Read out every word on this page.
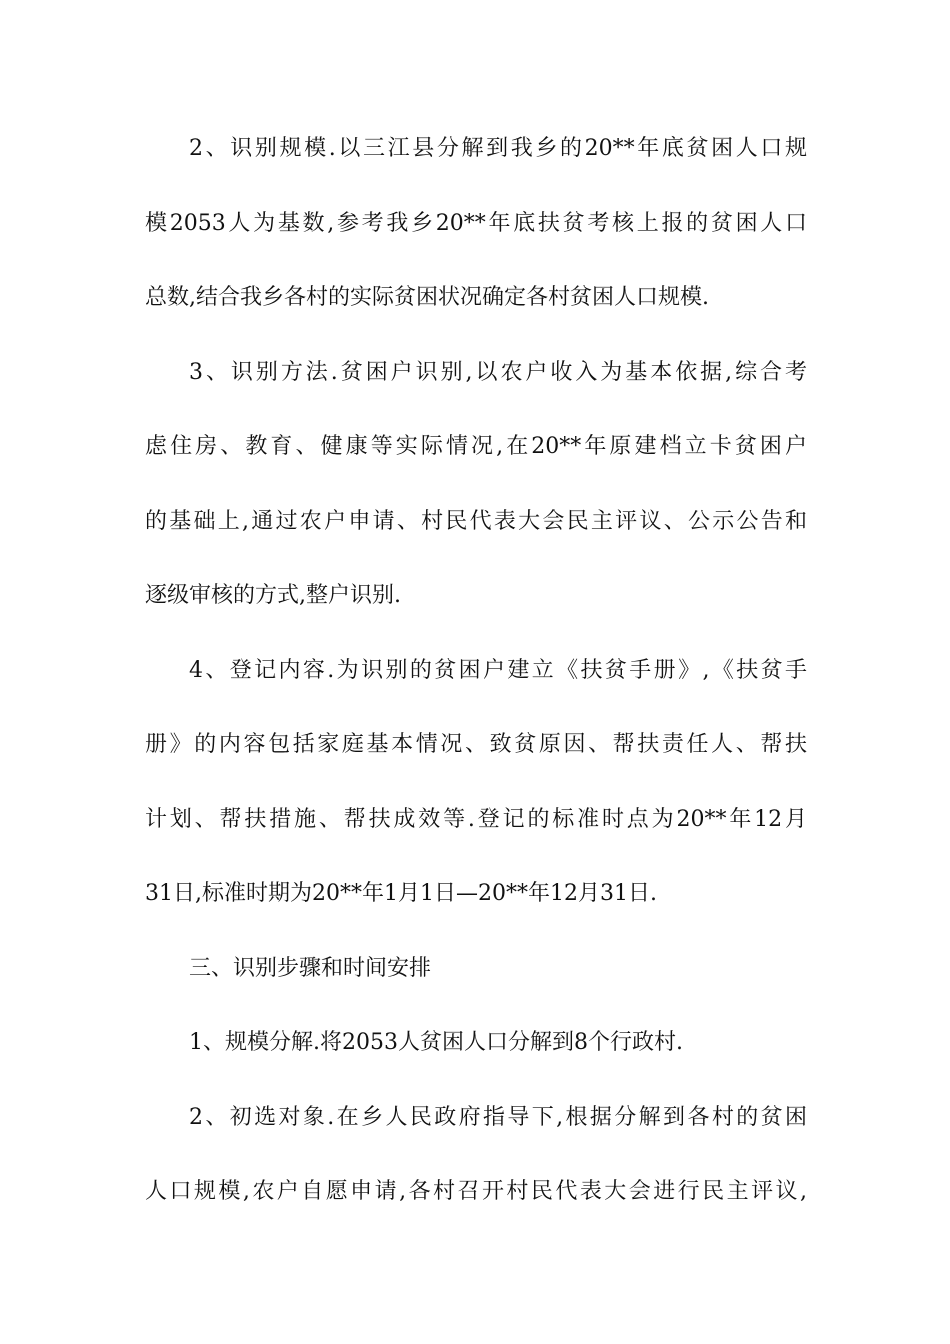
2、识别规模.以三江县分解到我乡的20**年底贫困人口规
模2053人为基数,参考我乡20**年底扶贫考核上报的贫困人口
总数,结合我乡各村的实际贫困状况确定各村贫困人口规模.
3、识别方法.贫困户识别,以农户收入为基本依据,综合考
虑住房、教育、健康等实际情况,在20**年原建档立卡贫困户
的基础上,通过农户申请、村民代表大会民主评议、公示公告和
逐级审核的方式,整户识别.
4、登记内容.为识别的贫困户建立《扶贫手册》,《扶贫手
册》的内容包括家庭基本情况、致贫原因、帮扶责任人、帮扶
计划、帮扶措施、帮扶成效等.登记的标准时点为20**年12月
31日,标准时期为20**年1月1日—20**年12月31日.
三、识别步骤和时间安排
1、规模分解.将2053人贫困人口分解到8个行政村.
2、初选对象.在乡人民政府指导下,根据分解到各村的贫困
人口规模,农户自愿申请,各村召开村民代表大会进行民主评议,
